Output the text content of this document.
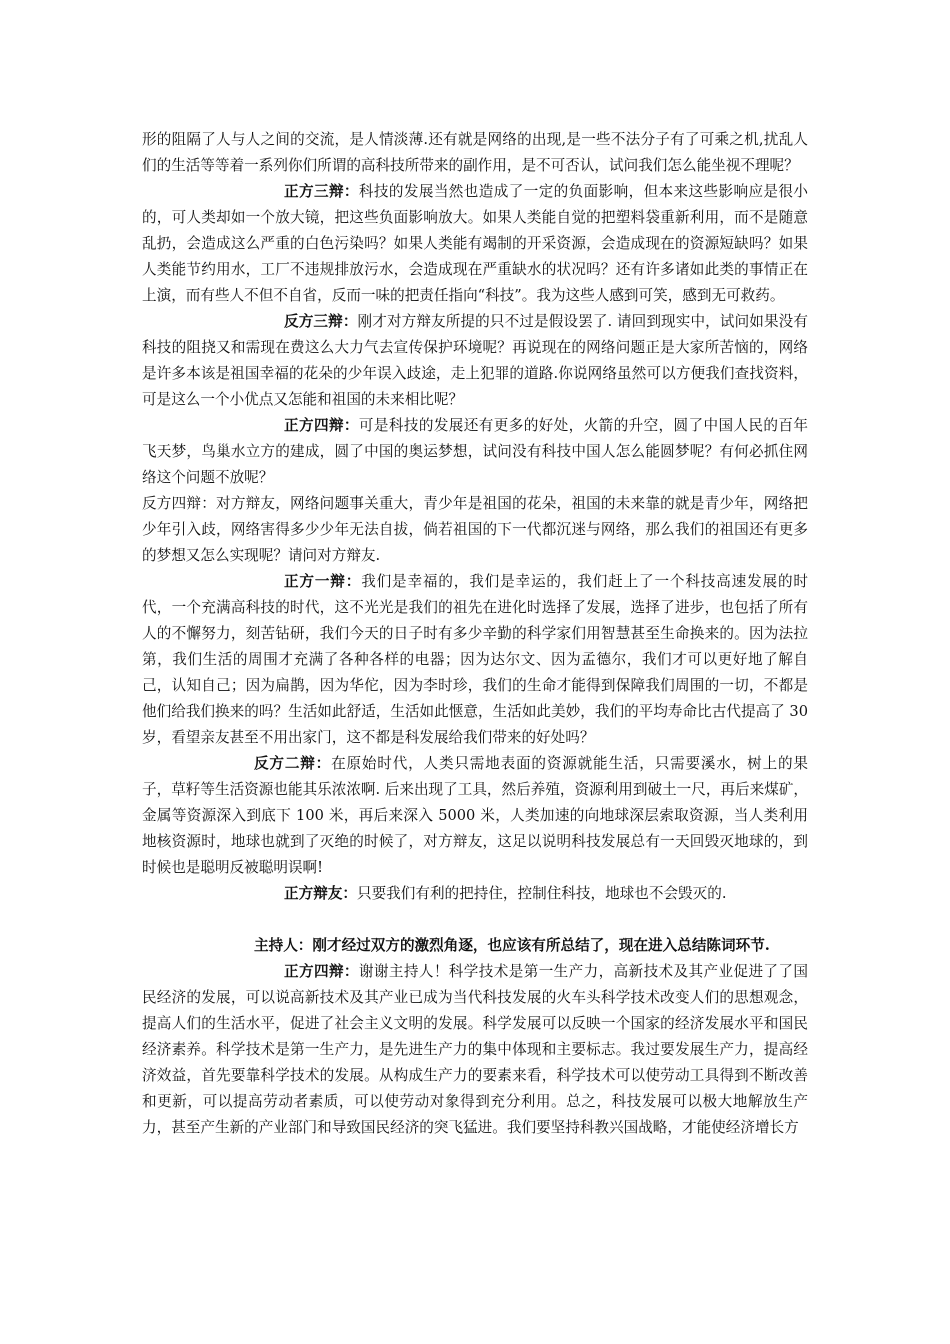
形的阻隔了人与人之间的交流，是人情淡薄.还有就是网络的出现,是一些不法分子有了可乘之机,扰乱人们的生活等等着一系列你们所谓的高科技所带来的副作用，是不可否认，试问我们怎么能坐视不理呢？

正方三辩：科技的发展当然也造成了一定的负面影响，但本来这些影响应是很小的，可人类却如一个放大镜，把这些负面影响放大。如果人类能自觉的把塑料袋重新利用，而不是随意乱扔，会造成这么严重的白色污染吗？如果人类能有竭制的开采资源，会造成现在的资源短缺吗？如果人类能节约用水，工厂不违规排放污水，会造成现在严重缺水的状况吗？还有许多诸如此类的事情正在上演，而有些人不但不自省，反而一味的把责任指向“科技”。我为这些人感到可笑，感到无可救药。

反方三辩：刚才对方辩友所提的只不过是假设罢了. 请回到现实中，试问如果没有科技的阻挠又和需现在费这么大力气去宣传保护环境呢？再说现在的网络问题正是大家所苦恼的，网络是许多本该是祖国幸福的花朵的少年误入歧途，走上犯罪的道路.你说网络虽然可以方便我们查找资料，可是这么一个小优点又怎能和祖国的未来相比呢？

正方四辩：可是科技的发展还有更多的好处，火箭的升空，圆了中国人民的百年飞天梦，鸟巢水立方的建成，圆了中国的奥运梦想，试问没有科技中国人怎么能圆梦呢？有何必抓住网络这个问题不放呢？

反方四辩：对方辩友，网络问题事关重大，青少年是祖国的花朵，祖国的未来靠的就是青少年，网络把少年引入歧，网络害得多少少年无法自拔，倘若祖国的下一代都沉迷与网络，那么我们的祖国还有更多的梦想又怎么实现呢？请问对方辩友.

正方一辩：我们是幸福的，我们是幸运的，我们赶上了一个科技高速发展的时代，一个充满高科技的时代，这不光光是我们的祖先在进化时选择了发展，选择了进步，也包括了所有人的不懈努力，刻苦钻研，我们今天的日子时有多少辛勤的科学家们用智慧甚至生命换来的。因为法拉第，我们生活的周围才充满了各种各样的电器；因为达尔文、因为孟德尔，我们才可以更好地了解自己，认知自己；因为扁鹊，因为华佗，因为李时珍，我们的生命才能得到保障我们周围的一切，不都是他们给我们换来的吗？生活如此舒适，生活如此惬意，生活如此美妙，我们的平均寿命比古代提高了 30 岁，看望亲友甚至不用出家门，这不都是科发展给我们带来的好处吗？

反方二辩：在原始时代，人类只需地表面的资源就能生活，只需要溪水，树上的果子，草籽等生活资源也能其乐浓浓啊. 后来出现了工具，然后养殖，资源利用到破土一尺，再后来煤矿，金属等资源深入到底下 100 米，再后来深入 5000 米，人类加速的向地球深层索取资源，当人类利用地核资源时，地球也就到了灭绝的时候了，对方辩友，这足以说明科技发展总有一天回毁灭地球的，到时候也是聪明反被聪明误啊!

正方辩友：只要我们有利的把持住，控制住科技，地球也不会毁灭的.

主持人：刚才经过双方的激烈角逐，也应该有所总结了，现在进入总结陈词环节.

正方四辩：谢谢主持人！科学技术是第一生产力，高新技术及其产业促进了了国民经济的发展，可以说高新技术及其产业已成为当代科技发展的火车头科学技术改变人们的思想观念，提高人们的生活水平，促进了社会主义文明的发展。科学发展可以反映一个国家的经济发展水平和国民经济素养。科学技术是第一生产力，是先进生产力的集中体现和主要标志。我过要发展生产力，提高经济效益，首先要靠科学技术的发展。从构成生产力的要素来看，科学技术可以使劳动工具得到不断改善和更新，可以提高劳动者素质，可以使劳动对象得到充分利用。总之，科技发展可以极大地解放生产力，甚至产生新的产业部门和导致国民经济的突飞猛进。我们要坚持科教兴国战略，才能使经济增长方
